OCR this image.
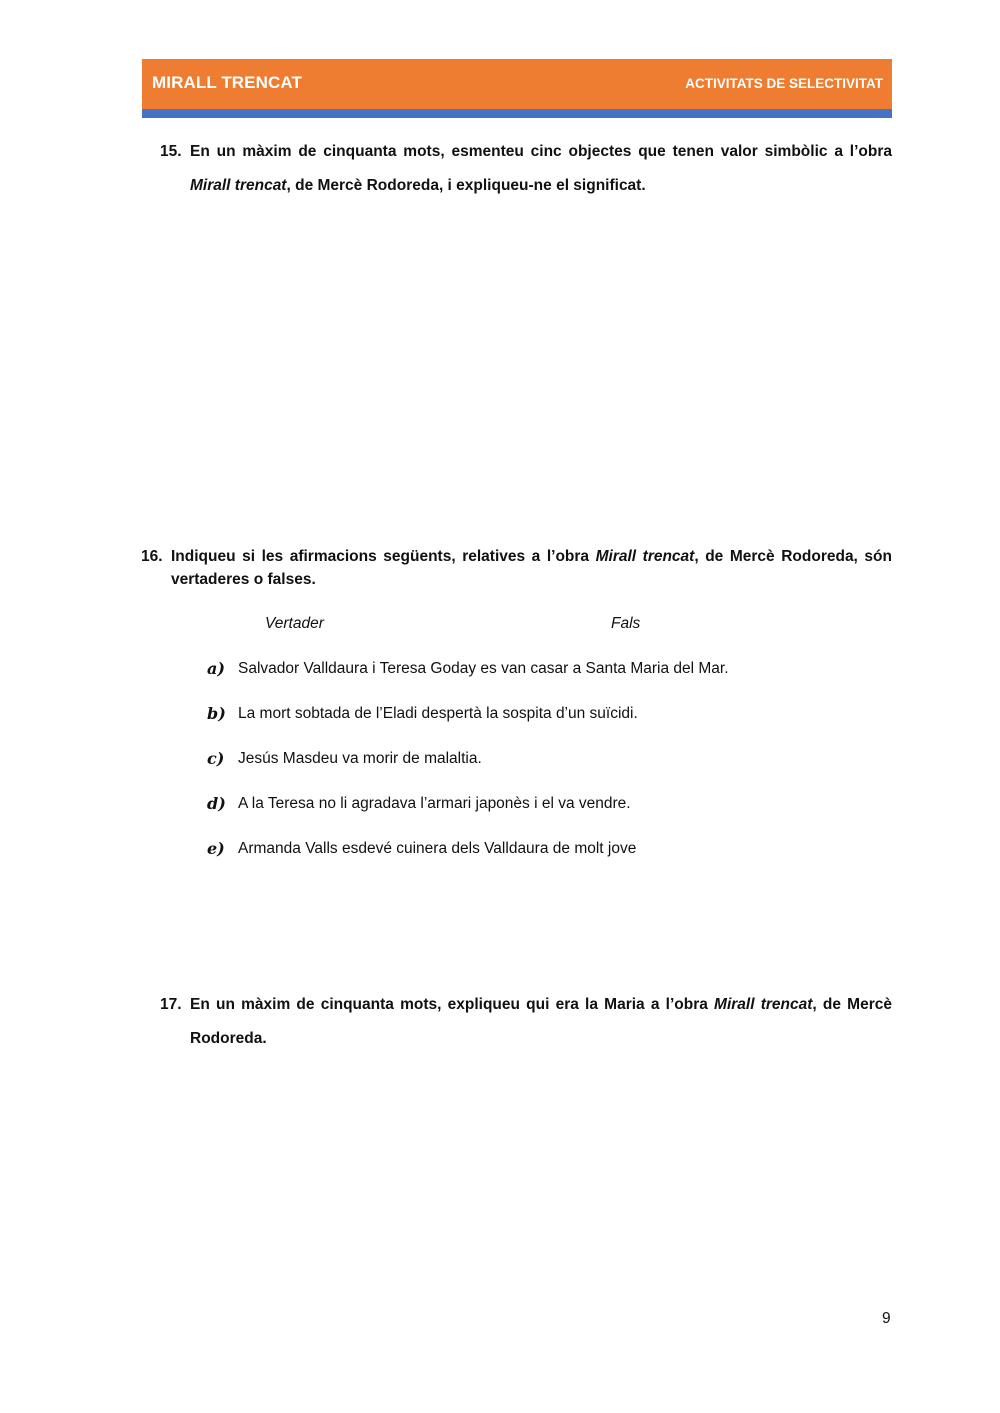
MIRALL TRENCAT	ACTIVITATS DE SELECTIVITAT
15. En un màxim de cinquanta mots, esmenteu cinc objectes que tenen valor simbòlic a l’obra
Mirall trencat, de Mercè Rodoreda, i expliqueu-ne el significat.
16. Indiqueu si les afirmacions següents, relatives a l’obra Mirall trencat, de Mercè Rodoreda, són
vertaderes o falses.
Vertader	Fals
a) Salvador Valldaura i Teresa Goday es van casar a Santa Maria del Mar.
b) La mort sobtada de l’Eladi despertà la sospita d’un suïcidi.
c) Jesús Masdeu va morir de malaltia.
d) A la Teresa no li agradava l’armari japonès i el va vendre.
e) Armanda Valls esdevé cuinera dels Valldaura de molt jove
17. En un màxim de cinquanta mots, expliqueu qui era la Maria a l’obra Mirall trencat, de Mercè
Rodoreda.
9
